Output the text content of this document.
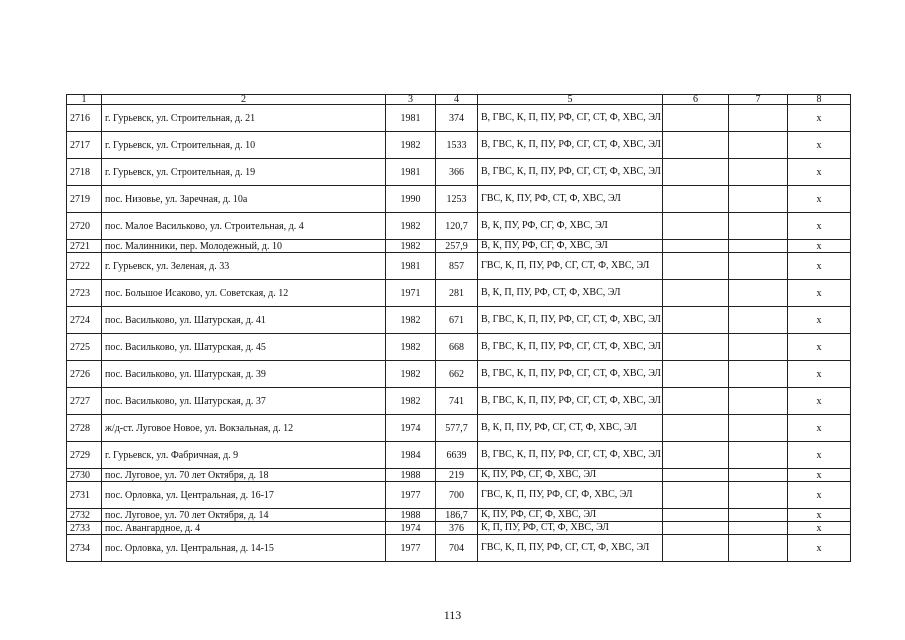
1	2	3	4	5	6	7	8
2716	г. Гурьевск, ул. Строительная, д. 21	1981	374	В, ГВС, К, П, ПУ, РФ, СГ, СТ, Ф, ХВС, ЭЛ			x
2717	г. Гурьевск, ул. Строительная, д. 10	1982	1533	В, ГВС, К, П, ПУ, РФ, СГ, СТ, Ф, ХВС, ЭЛ			x
2718	г. Гурьевск, ул. Строительная, д. 19	1981	366	В, ГВС, К, П, ПУ, РФ, СГ, СТ, Ф, ХВС, ЭЛ			x
2719	пос. Низовье, ул. Заречная, д. 10а	1990	1253	ГВС, К, ПУ, РФ, СТ, Ф, ХВС, ЭЛ			x
2720	пос. Малое Васильково, ул. Строительная, д. 4	1982	120,7	В, К, ПУ, РФ, СГ, Ф, ХВС, ЭЛ			x
2721	пос. Малинники, пер. Молодежный, д. 10	1982	257,9	В, К, ПУ, РФ, СГ, Ф, ХВС, ЭЛ			x
2722	г. Гурьевск, ул. Зеленая, д. 33	1981	857	ГВС, К, П, ПУ, РФ, СГ, СТ, Ф, ХВС, ЭЛ			x
2723	пос. Большое Исаково, ул. Советская, д. 12	1971	281	В, К, П, ПУ, РФ, СТ, Ф, ХВС, ЭЛ			x
2724	пос. Васильково, ул. Шатурская, д. 41	1982	671	В, ГВС, К, П, ПУ, РФ, СГ, СТ, Ф, ХВС, ЭЛ			x
2725	пос. Васильково, ул. Шатурская, д. 45	1982	668	В, ГВС, К, П, ПУ, РФ, СГ, СТ, Ф, ХВС, ЭЛ			x
2726	пос. Васильково, ул. Шатурская, д. 39	1982	662	В, ГВС, К, П, ПУ, РФ, СГ, СТ, Ф, ХВС, ЭЛ			x
2727	пос. Васильково, ул. Шатурская, д. 37	1982	741	В, ГВС, К, П, ПУ, РФ, СГ, СТ, Ф, ХВС, ЭЛ			x
2728	ж/д-ст. Луговое Новое, ул. Вокзальная, д. 12	1974	577,7	В, К, П, ПУ, РФ, СГ, СТ, Ф, ХВС, ЭЛ			x
2729	г. Гурьевск, ул. Фабричная, д. 9	1984	6639	В, ГВС, К, П, ПУ, РФ, СГ, СТ, Ф, ХВС, ЭЛ			x
2730	пос. Луговое, ул. 70 лет Октября, д. 18	1988	219	К, ПУ, РФ, СГ, Ф, ХВС, ЭЛ			x
2731	пос. Орловка, ул. Центральная, д. 16-17	1977	700	ГВС, К, П, ПУ, РФ, СГ, Ф, ХВС, ЭЛ			x
2732	пос. Луговое, ул. 70 лет Октября, д. 14	1988	186,7	К, ПУ, РФ, СГ, Ф, ХВС, ЭЛ			x
2733	пос. Авангардное, д. 4	1974	376	К, П, ПУ, РФ, СТ, Ф, ХВС, ЭЛ			x
2734	пос. Орловка, ул. Центральная, д. 14-15	1977	704	ГВС, К, П, ПУ, РФ, СГ, СТ, Ф, ХВС, ЭЛ			x
113
